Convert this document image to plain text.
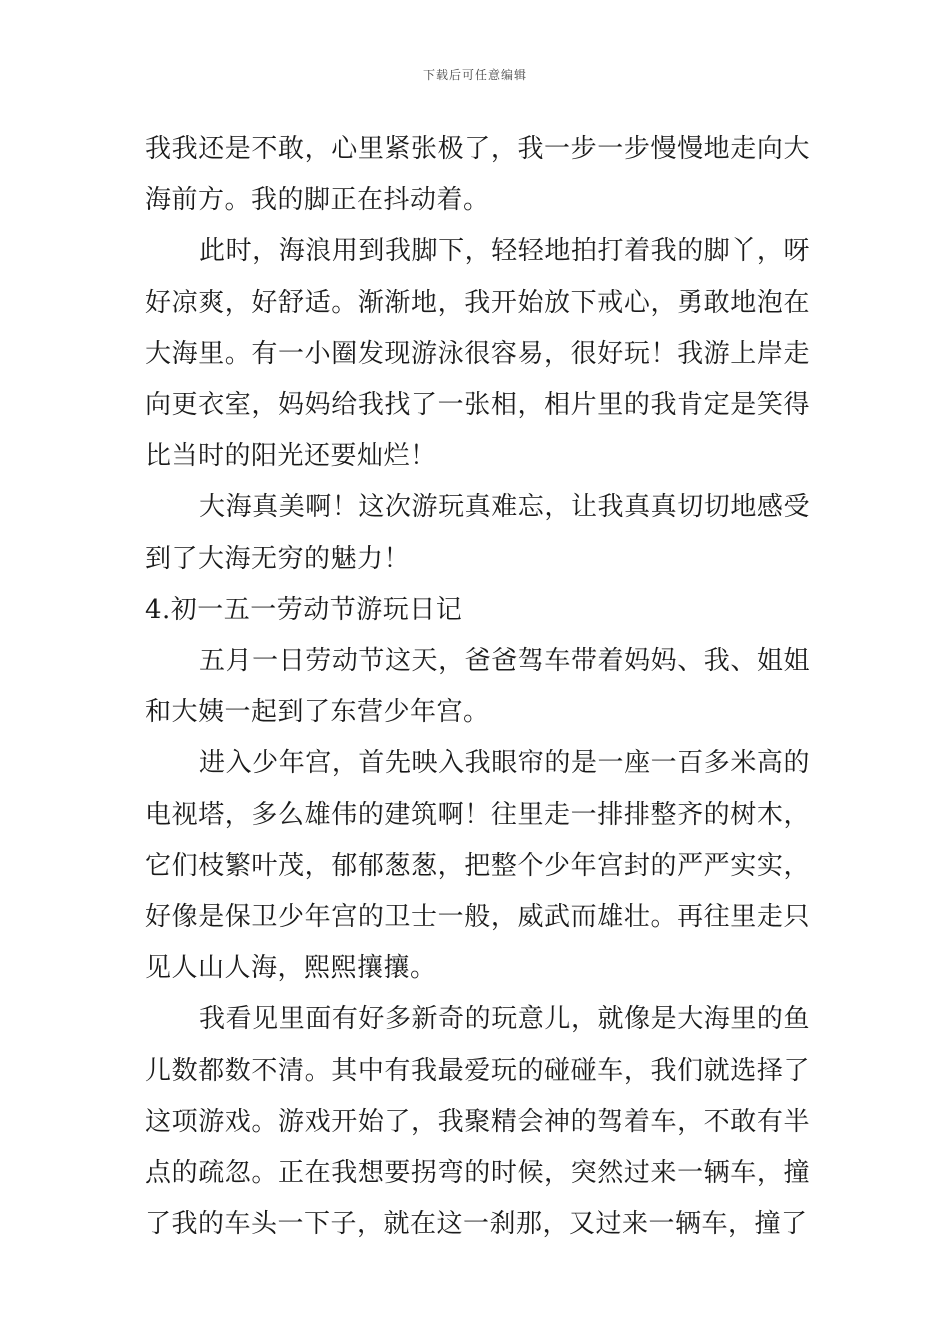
下载后可任意编辑

我我还是不敢，心里紧张极了，我一步一步慢慢地走向大海前方。我的脚正在抖动着。

此时，海浪用到我脚下，轻轻地拍打着我的脚丫，呀好凉爽，好舒适。渐渐地，我开始放下戒心，勇敢地泡在大海里。有一小圈发现游泳很容易，很好玩！我游上岸走向更衣室，妈妈给我找了一张相，相片里的我肯定是笑得比当时的阳光还要灿烂！

大海真美啊！这次游玩真难忘，让我真真切切地感受到了大海无穷的魅力！

4.初一五一劳动节游玩日记

五月一日劳动节这天，爸爸驾车带着妈妈、我、姐姐和大姨一起到了东营少年宫。

进入少年宫，首先映入我眼帘的是一座一百多米高的电视塔，多么雄伟的建筑啊！往里走一排排整齐的树木，它们枝繁叶茂，郁郁葱葱，把整个少年宫封的严严实实，好像是保卫少年宫的卫士一般，威武而雄壮。再往里走只见人山人海，熙熙攘攘。

我看见里面有好多新奇的玩意儿，就像是大海里的鱼儿数都数不清。其中有我最爱玩的碰碰车，我们就选择了这项游戏。游戏开始了，我聚精会神的驾着车，不敢有半点的疏忽。正在我想要拐弯的时候，突然过来一辆车，撞了我的车头一下子，就在这一刹那，又过来一辆车，撞了
